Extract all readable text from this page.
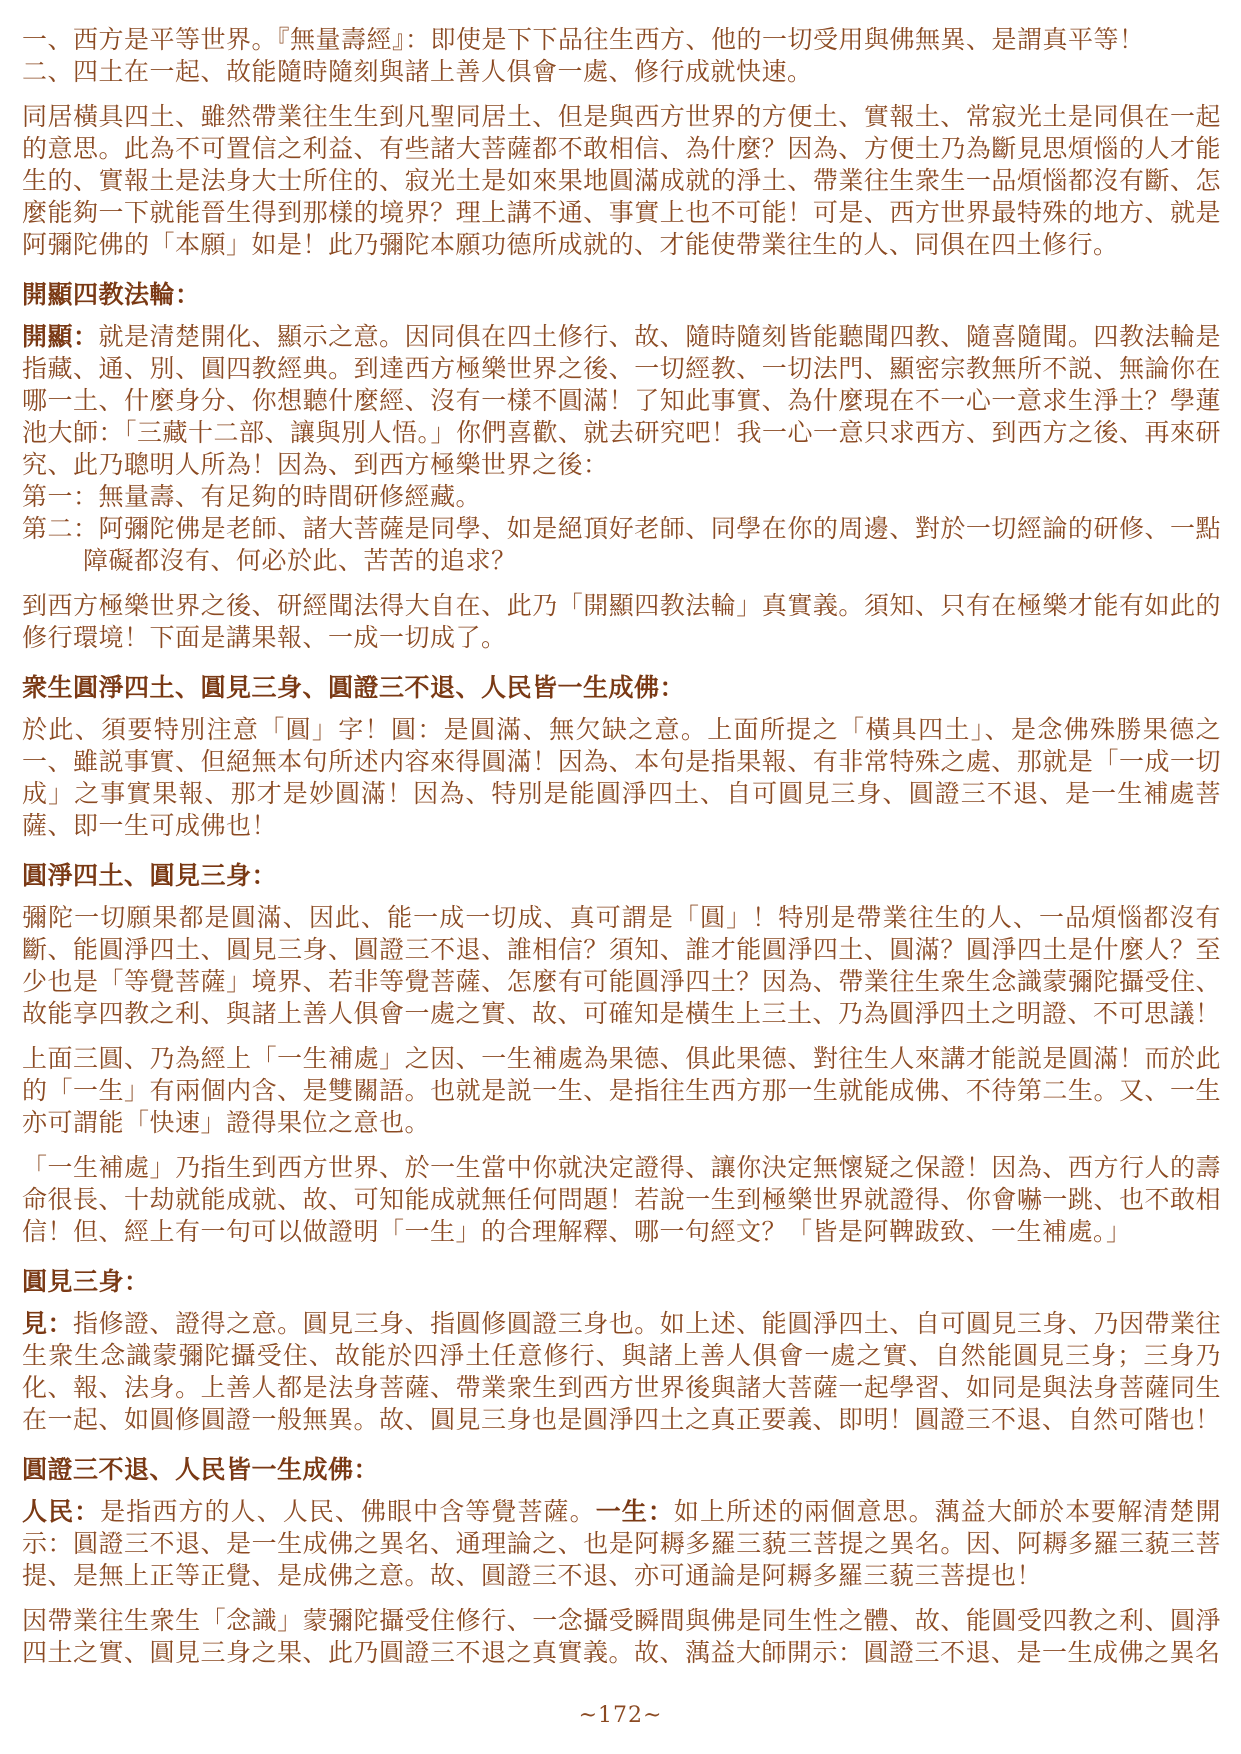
一、西方是平等世界。『無量壽經』：即使是下下品往生西方、他的一切受用與佛無異、是謂真平等！
二、四土在一起、故能隨時隨刻與諸上善人俱會一處、修行成就快速。

同居橫具四土、雖然帶業往生生到凡聖同居土、但是與西方世界的方便土、實報土、常寂光土是同俱在一起的意思。此為不可置信之利益、有些諸大菩薩都不敢相信、為什麼？因為、方便土乃為斷見思煩惱的人才能生的、實報土是法身大士所住的、寂光土是如來果地圓滿成就的淨土、帶業往生衆生一品煩惱都沒有斷、怎麼能夠一下就能晉生得到那樣的境界？理上講不通、事實上也不可能！可是、西方世界最特殊的地方、就是阿彌陀佛的「本願」如是！此乃彌陀本願功德所成就的、才能使帶業往生的人、同俱在四土修行。

開顯四教法輪：

開顯：就是清楚開化、顯示之意。因同俱在四土修行、故、隨時隨刻皆能聽聞四教、隨喜隨聞。四教法輪是指藏、通、別、圓四教經典。到達西方極樂世界之後、一切經教、一切法門、顯密宗教無所不説、無論你在哪一土、什麼身分、你想聽什麼經、沒有一樣不圓滿！了知此事實、為什麼現在不一心一意求生淨土？學蓮池大師：「三藏十二部、讓與別人悟。」你們喜歡、就去研究吧！我一心一意只求西方、到西方之後、再來研究、此乃聰明人所為！因為、到西方極樂世界之後：

第一：無量壽、有足夠的時間研修經藏。
第二：阿彌陀佛是老師、諸大菩薩是同學、如是絕頂好老師、同學在你的周邊、對於一切經論的研修、一點障礙都沒有、何必於此、苦苦的追求？

到西方極樂世界之後、研經聞法得大自在、此乃「開顯四教法輪」真實義。須知、只有在極樂才能有如此的修行環境！下面是講果報、一成一切成了。

衆生圓淨四土、圓見三身、圓證三不退、人民皆一生成佛：

於此、須要特別注意「圓」字！圓：是圓滿、無欠缺之意。上面所提之「橫具四土」、是念佛殊勝果德之一、雖説事實、但絕無本句所述内容來得圓滿！因為、本句是指果報、有非常特殊之處、那就是「一成一切成」之事實果報、那才是妙圓滿！因為、特別是能圓淨四土、自可圓見三身、圓證三不退、是一生補處菩薩、即一生可成佛也！

圓淨四土、圓見三身：

彌陀一切願果都是圓滿、因此、能一成一切成、真可謂是「圓」！特別是帶業往生的人、一品煩惱都沒有斷、能圓淨四土、圓見三身、圓證三不退、誰相信？須知、誰才能圓淨四土、圓滿？圓淨四土是什麼人？至少也是「等覺菩薩」境界、若非等覺菩薩、怎麼有可能圓淨四土？因為、帶業往生衆生念識蒙彌陀攝受住、故能享四教之利、與諸上善人俱會一處之實、故、可確知是橫生上三土、乃為圓淨四土之明證、不可思議！

上面三圓、乃為經上「一生補處」之因、一生補處為果德、俱此果德、對往生人來講才能説是圓滿！而於此的「一生」有兩個内含、是雙關語。也就是説一生、是指往生西方那一生就能成佛、不待第二生。又、一生亦可謂能「快速」證得果位之意也。

「一生補處」乃指生到西方世界、於一生當中你就決定證得、讓你決定無懷疑之保證！因為、西方行人的壽命很長、十劫就能成就、故、可知能成就無任何問題！若說一生到極樂世界就證得、你會嚇一跳、也不敢相信！但、經上有一句可以做證明「一生」的合理解釋、哪一句經文？「皆是阿鞞跋致、一生補處。」

圓見三身：

見：指修證、證得之意。圓見三身、指圓修圓證三身也。如上述、能圓淨四土、自可圓見三身、乃因帶業往生衆生念識蒙彌陀攝受住、故能於四淨土任意修行、與諸上善人俱會一處之實、自然能圓見三身；三身乃化、報、法身。上善人都是法身菩薩、帶業衆生到西方世界後與諸大菩薩一起學習、如同是與法身菩薩同生在一起、如圓修圓證一般無異。故、圓見三身也是圓淨四土之真正要義、即明！圓證三不退、自然可階也！

圓證三不退、人民皆一生成佛：

人民：是指西方的人、人民、佛眼中含等覺菩薩。一生：如上所述的兩個意思。蕅益大師於本要解清楚開示：圓證三不退、是一生成佛之異名、通理論之、也是阿耨多羅三藐三菩提之異名。因、阿耨多羅三藐三菩提、是無上正等正覺、是成佛之意。故、圓證三不退、亦可通論是阿耨多羅三藐三菩提也！

因帶業往生衆生「念識」蒙彌陀攝受住修行、一念攝受瞬間與佛是同生性之體、故、能圓受四教之利、圓淨四土之實、圓見三身之果、此乃圓證三不退之真實義。故、蕅益大師開示：圓證三不退、是一生成佛之異名

~172~
